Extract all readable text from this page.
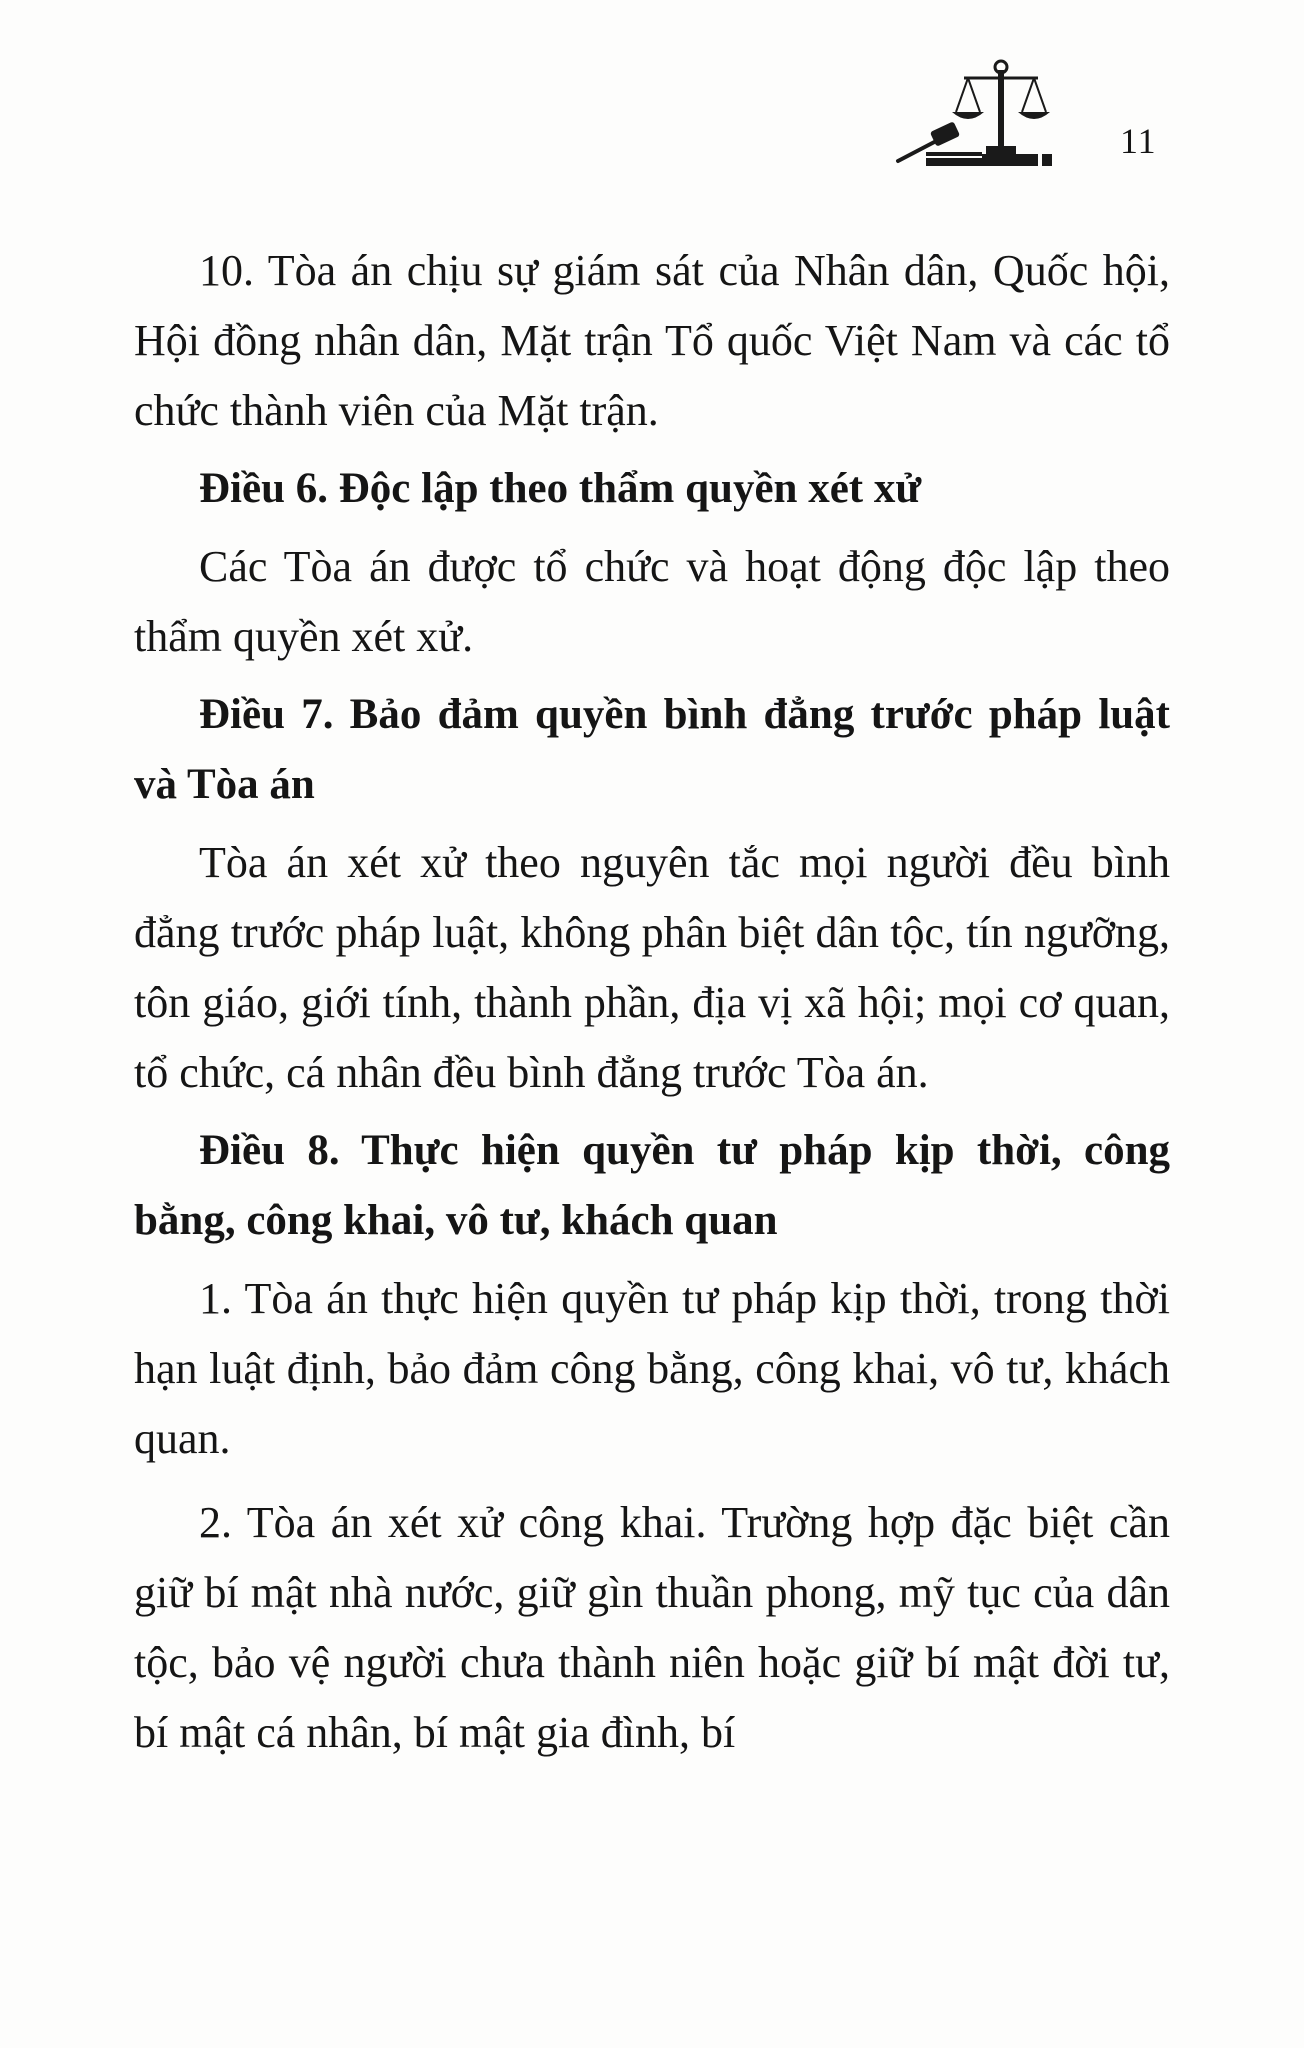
11

10. Tòa án chịu sự giám sát của Nhân dân, Quốc hội, Hội đồng nhân dân, Mặt trận Tổ quốc Việt Nam và các tổ chức thành viên của Mặt trận.

Điều 6. Độc lập theo thẩm quyền xét xử

Các Tòa án được tổ chức và hoạt động độc lập theo thẩm quyền xét xử.

Điều 7. Bảo đảm quyền bình đẳng trước pháp luật và Tòa án

Tòa án xét xử theo nguyên tắc mọi người đều bình đẳng trước pháp luật, không phân biệt dân tộc, tín ngưỡng, tôn giáo, giới tính, thành phần, địa vị xã hội; mọi cơ quan, tổ chức, cá nhân đều bình đẳng trước Tòa án.

Điều 8. Thực hiện quyền tư pháp kịp thời, công bằng, công khai, vô tư, khách quan

1. Tòa án thực hiện quyền tư pháp kịp thời, trong thời hạn luật định, bảo đảm công bằng, công khai, vô tư, khách quan.

2. Tòa án xét xử công khai. Trường hợp đặc biệt cần giữ bí mật nhà nước, giữ gìn thuần phong, mỹ tục của dân tộc, bảo vệ người chưa thành niên hoặc giữ bí mật đời tư, bí mật cá nhân, bí mật gia đình, bí
